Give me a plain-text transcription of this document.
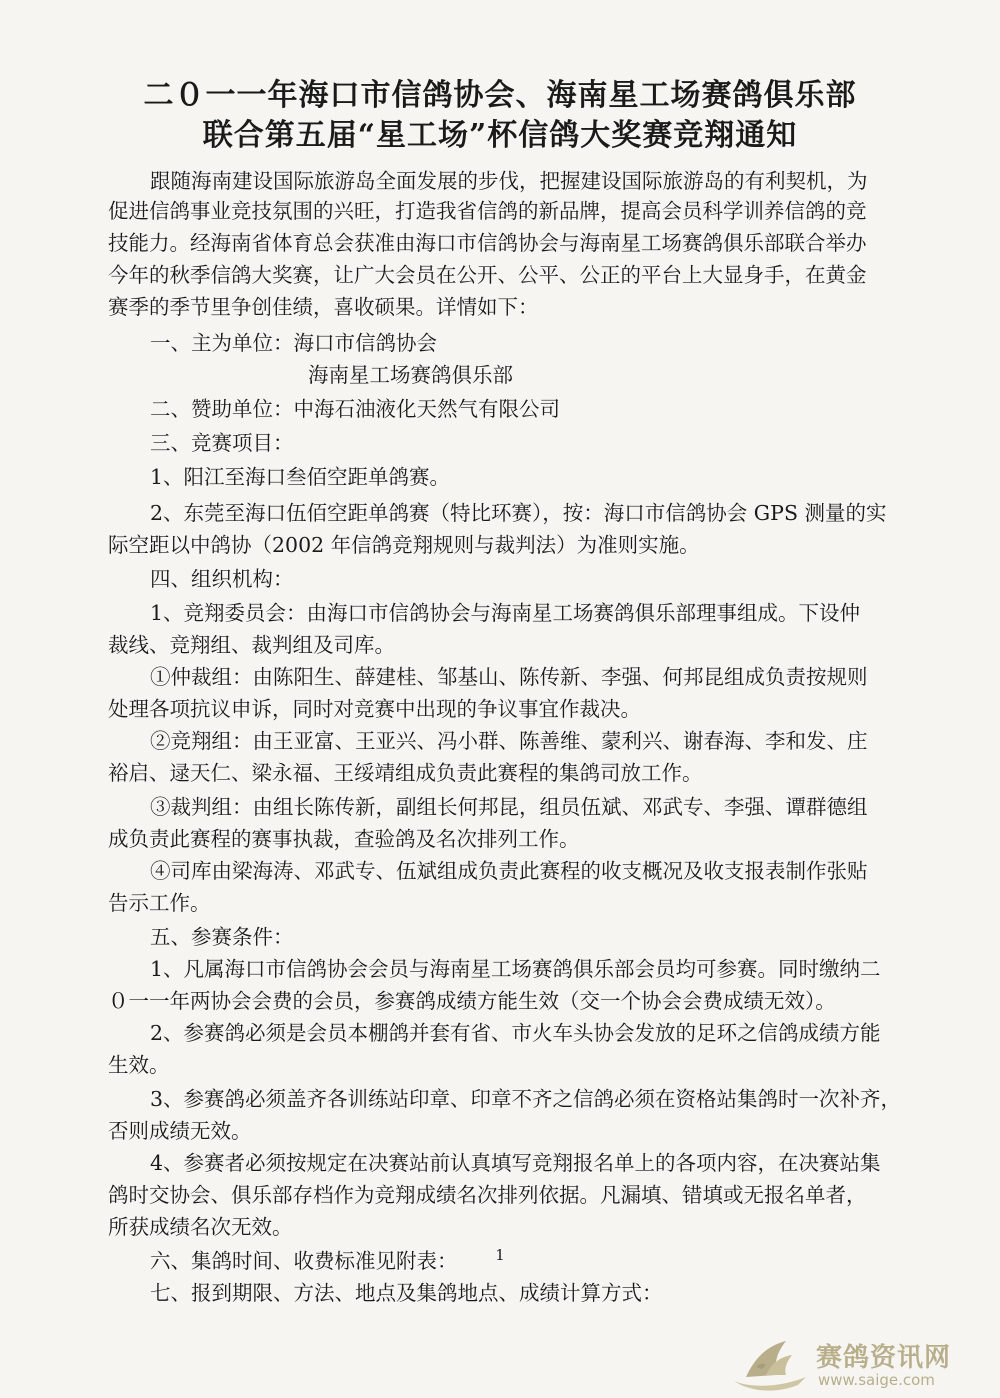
二０一一年海口市信鸽协会、海南星工场赛鸽俱乐部
联合第五届“星工场”杯信鸽大奖赛竞翔通知
跟随海南建设国际旅游岛全面发展的步伐，把握建设国际旅游岛的有利契机，为
促进信鸽事业竞技氛围的兴旺，打造我省信鸽的新品牌，提高会员科学训养信鸽的竞
技能力。经海南省体育总会获准由海口市信鸽协会与海南星工场赛鸽俱乐部联合举办
今年的秋季信鸽大奖赛，让广大会员在公开、公平、公正的平台上大显身手，在黄金
赛季的季节里争创佳绩，喜收硕果。详情如下：
一、主为单位：海口市信鸽协会
海南星工场赛鸽俱乐部
二、赞助单位：中海石油液化天然气有限公司
三、竞赛项目：
1、阳江至海口叁佰空距单鸽赛。
2、东莞至海口伍佰空距单鸽赛（特比环赛），按：海口市信鸽协会 GPS 测量的实
际空距以中鸽协（2002 年信鸽竞翔规则与裁判法）为准则实施。
四、组织机构：
1、竞翔委员会：由海口市信鸽协会与海南星工场赛鸽俱乐部理事组成。下设仲
裁线、竞翔组、裁判组及司库。
①仲裁组：由陈阳生、薛建桂、邹基山、陈传新、李强、何邦昆组成负责按规则
处理各项抗议申诉，同时对竞赛中出现的争议事宜作裁决。
②竞翔组：由王亚富、王亚兴、冯小群、陈善维、蒙利兴、谢春海、李和发、庄
裕启、逯天仁、梁永福、王绥靖组成负责此赛程的集鸽司放工作。
③裁判组：由组长陈传新，副组长何邦昆，组员伍斌、邓武专、李强、谭群德组
成负责此赛程的赛事执裁，查验鸽及名次排列工作。
④司库由梁海涛、邓武专、伍斌组成负责此赛程的收支概况及收支报表制作张贴
告示工作。
五、参赛条件：
1、凡属海口市信鸽协会会员与海南星工场赛鸽俱乐部会员均可参赛。同时缴纳二
０一一年两协会会费的会员，参赛鸽成绩方能生效（交一个协会会费成绩无效）。
2、参赛鸽必须是会员本棚鸽并套有省、市火车头协会发放的足环之信鸽成绩方能
生效。
3、参赛鸽必须盖齐各训练站印章、印章不齐之信鸽必须在资格站集鸽时一次补齐，
否则成绩无效。
4、参赛者必须按规定在决赛站前认真填写竞翔报名单上的各项内容，在决赛站集
鸽时交协会、俱乐部存档作为竞翔成绩名次排列依据。凡漏填、错填或无报名单者，
所获成绩名次无效。
六、集鸽时间、收费标准见附表：
七、报到期限、方法、地点及集鸽地点、成绩计算方式：
1
赛鸽资讯网
www.saige.com
